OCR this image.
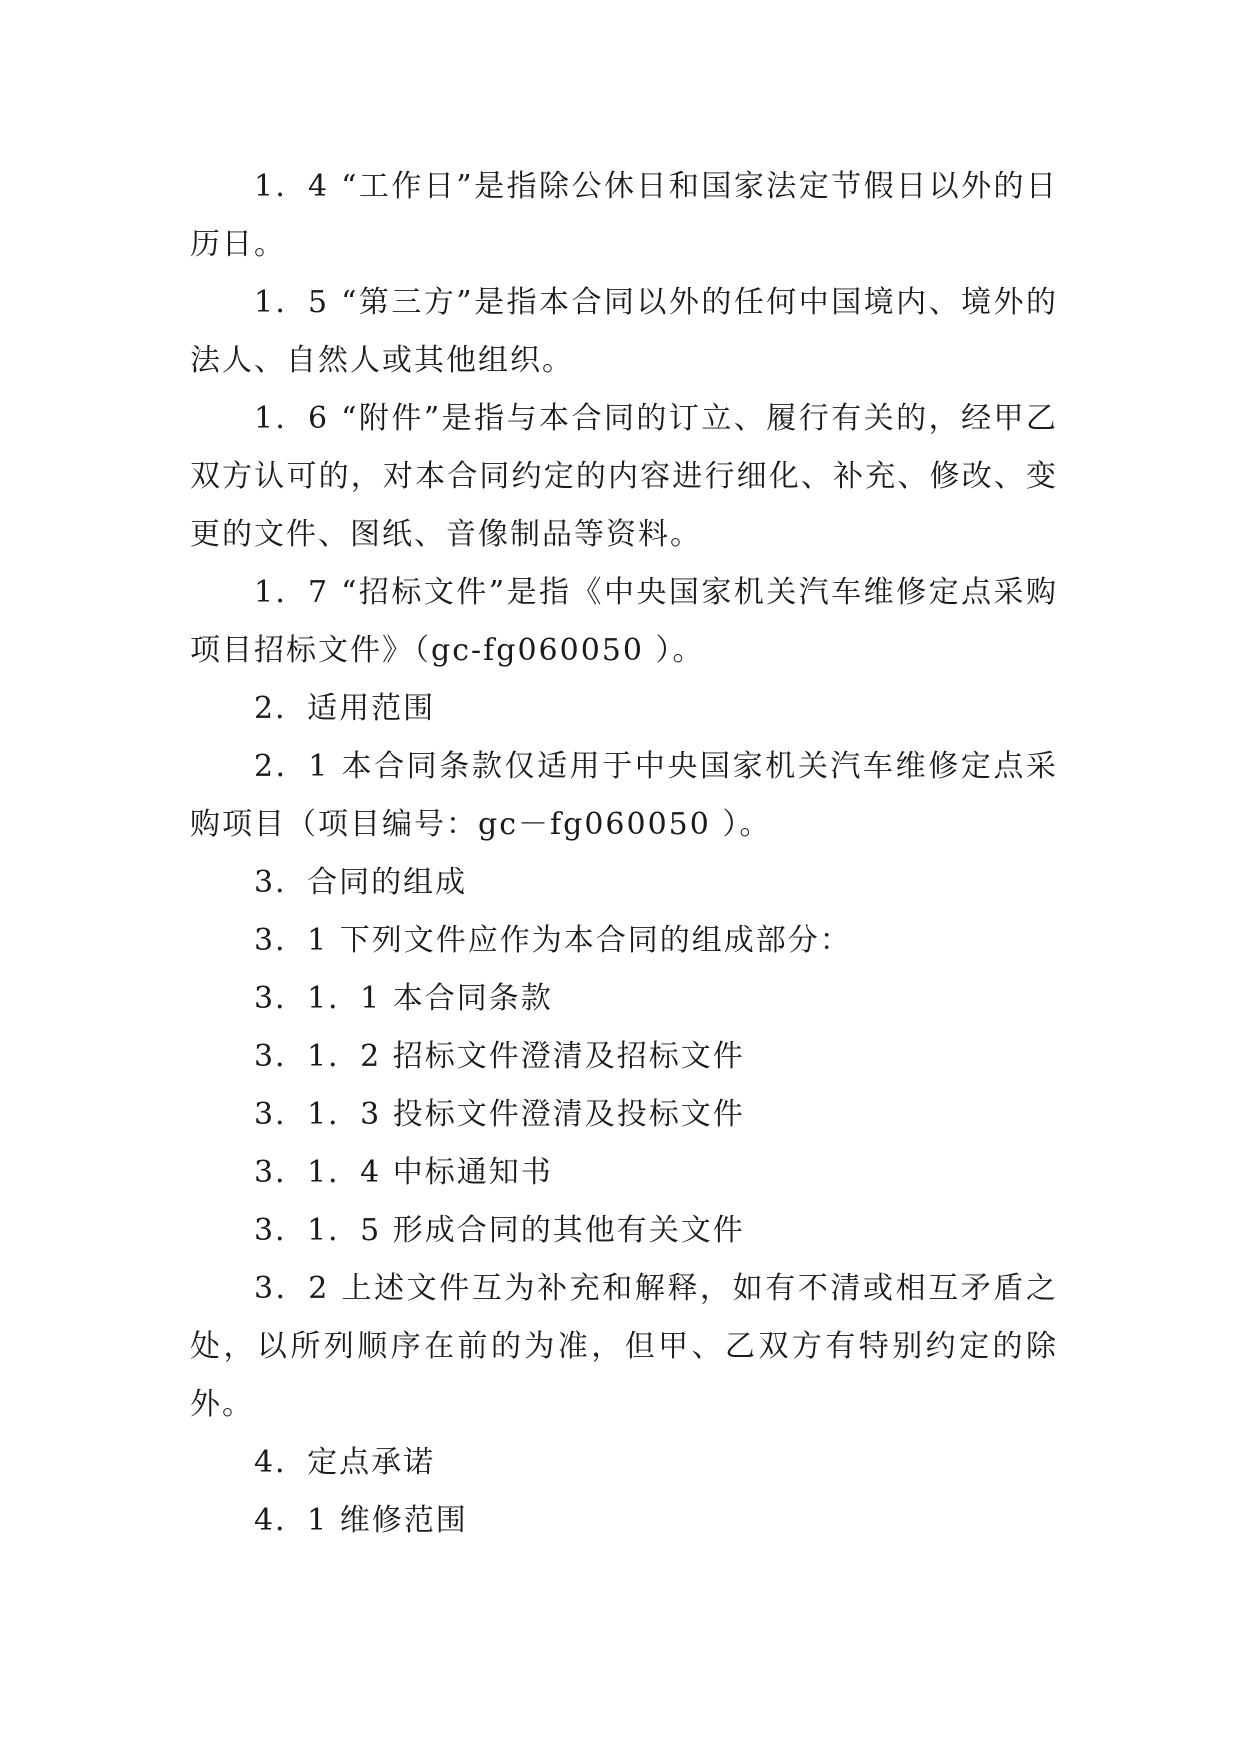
1．4 “工作日”是指除公休日和国家法定节假日以外的日历日。

1．5 “第三方”是指本合同以外的任何中国境内、境外的法人、自然人或其他组织。

1．6 “附件”是指与本合同的订立、履行有关的，经甲乙双方认可的，对本合同约定的内容进行细化、补充、修改、变更的文件、图纸、音像制品等资料。

1．7 “招标文件”是指《中央国家机关汽车维修定点采购项目招标文件》（gc-fg060050 ）。

2．适用范围

2．1 本合同条款仅适用于中央国家机关汽车维修定点采购项目（项目编号：gc－fg060050 ）。

3．合同的组成

3．1 下列文件应作为本合同的组成部分：

3．1．1 本合同条款

3．1．2 招标文件澄清及招标文件

3．1．3 投标文件澄清及投标文件

3．1．4 中标通知书

3．1．5 形成合同的其他有关文件

3．2 上述文件互为补充和解释，如有不清或相互矛盾之处，以所列顺序在前的为准，但甲、乙双方有特别约定的除外。

4．定点承诺

4．1 维修范围
